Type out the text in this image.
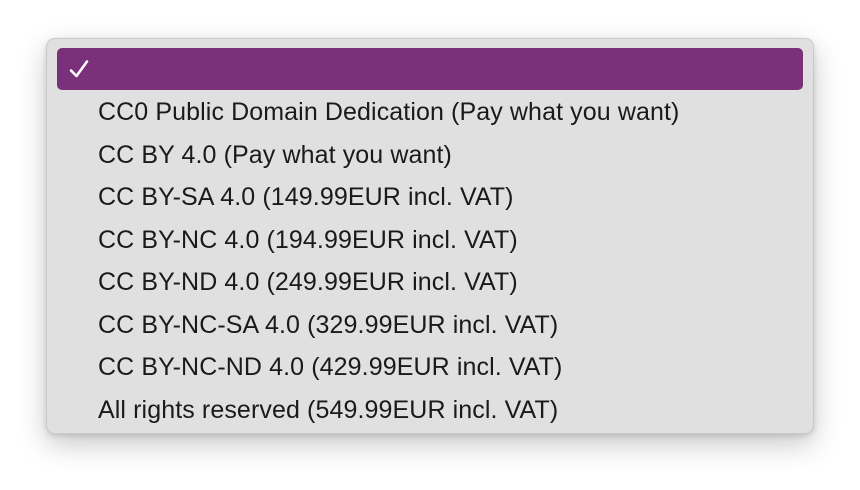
CC0 Public Domain Dedication (Pay what you want)
CC BY 4.0 (Pay what you want)
CC BY-SA 4.0 (149.99EUR incl. VAT)
CC BY-NC 4.0 (194.99EUR incl. VAT)
CC BY-ND 4.0 (249.99EUR incl. VAT)
CC BY-NC-SA 4.0 (329.99EUR incl. VAT)
CC BY-NC-ND 4.0 (429.99EUR incl. VAT)
All rights reserved (549.99EUR incl. VAT)
